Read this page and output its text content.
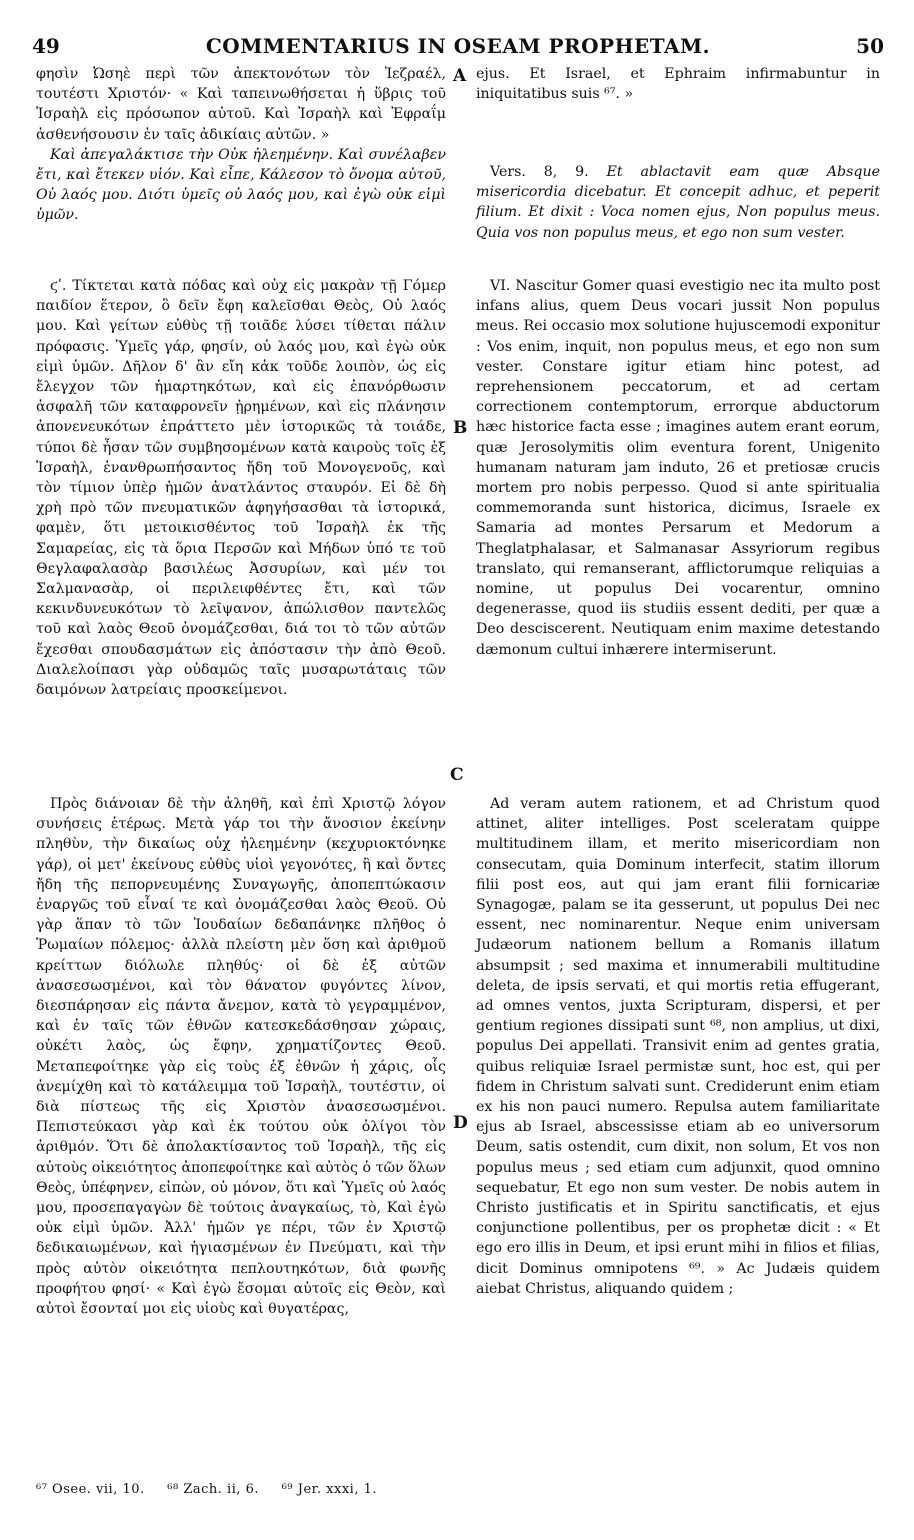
49	COMMENTARIUS IN OSEAM PROPHETAM.	50

φησὶν Ὠσηὲ περὶ τῶν ἀπεκτονότων τὸν Ἰεζραέλ, τουτέστι Χριστόν· « Καὶ ταπεινωθήσεται ἡ ὕβρις τοῦ Ἰσραὴλ εἰς πρόσωπον αὐτοῦ. Καὶ Ἰσραὴλ καὶ Ἐφραΐμ ἀσθενήσουσιν ἐν ταῖς ἀδικίαις αὐτῶν. »

Καὶ ἀπεγαλάκτισε τὴν Οὐκ ἠλεημένην. Καὶ συνέλαβεν ἔτι, καὶ ἔτεκεν υἱόν. Καὶ εἶπε, Κάλεσον τὸ ὄνομα αὐτοῦ, Οὐ λαός μου. Διότι ὑμεῖς οὐ λαός μου, καὶ ἐγὼ οὐκ εἰμὶ ὑμῶν.

ϛʹ. Τίκτεται κατὰ πόδας καὶ οὐχ εἰς μακρὰν τῇ Γόμερ παιδίον ἕτερον, ὃ δεῖν ἔφη καλεῖσθαι Θεὸς, Οὐ λαός μου. Καὶ γείτων εὐθὺς τῇ τοιᾶδε λύσει τίθεται πάλιν πρόφασις. Ὑμεῖς γάρ, φησίν, οὐ λαός μου, καὶ ἐγὼ οὐκ εἰμὶ ὑμῶν. Δῆλον δ' ἂν εἴη κἀκ τοῦδε λοιπὸν, ὡς εἰς ἔλεγχον τῶν ἡμαρτηκότων, καὶ εἰς ἐπανόρθωσιν ἀσφαλῆ τῶν καταφρονεῖν ᾐρημένων, καὶ εἰς πλάνησιν ἀπονενευκότων ἐπράττετο μὲν ἱστορικῶς τὰ τοιάδε, τύποι δὲ ἦσαν τῶν συμβησομένων κατὰ καιροὺς τοῖς ἐξ Ἰσραὴλ, ἐνανθρωπήσαντος ἤδη τοῦ Μονογενοῦς, καὶ τὸν τίμιον ὑπὲρ ἡμῶν ἀνατλάντος σταυρόν. Εἰ δὲ δὴ χρὴ πρὸ τῶν πνευματικῶν ἀφηγήσασθαι τὰ ἱστορικά, φαμὲν, ὅτι μετοικισθέντος τοῦ Ἰσραὴλ ἐκ τῆς Σαμαρείας, εἰς τὰ ὅρια Περσῶν καὶ Μήδων ὑπό τε τοῦ Θεγλαφαλασὰρ βασιλέως Ἀσσυρίων, καὶ μέν τοι Σαλμανασὰρ, οἱ περιλειφθέντες ἔτι, καὶ τῶν κεκινδυνευκότων τὸ λεῖψανον, ἀπώλισθον παντελῶς τοῦ καὶ λαὸς Θεοῦ ὀνομάζεσθαι, διά τοι τὸ τῶν αὐτῶν ἔχεσθαι σπουδασμάτων εἰς ἀπόστασιν τὴν ἀπὸ Θεοῦ. Διαλελοίπασι γὰρ οὐδαμῶς ταῖς μυσαρωτάταις τῶν δαιμόνων λατρείαις προσκείμενοι.

Πρὸς διάνοιαν δὲ τὴν ἀληθῆ, καὶ ἐπὶ Χριστῷ λόγον συνήσεις ἑτέρως. Μετὰ γάρ τοι τὴν ἄνοσιον ἐκείνην πληθὺν, τὴν δικαίως οὐχ ἠλεημένην (κεχυριοκτόνηκε γάρ), οἱ μετ' ἐκείνους εὐθὺς υἱοὶ γεγονότες, ἢ καὶ ὄντες ἤδη τῆς πεπορνευμένης Συναγωγῆς, ἀποπεπτώκασιν ἐναργῶς τοῦ εἶναί τε καὶ ὀνομάζεσθαι λαὸς Θεοῦ. Οὐ γὰρ ἅπαν τὸ τῶν Ἰουδαίων δεδαπάνηκε πλῆθος ὁ Ῥωμαίων πόλεμος· ἀλλὰ πλείστη μὲν ὅση καὶ ἀριθμοῦ κρείττων διόλωλε πληθύς· οἱ δὲ ἐξ αὐτῶν ἀνασεσωσμένοι, καὶ τὸν θάνατον φυγόντες λίνον, διεσπάρησαν εἰς πάντα ἄνεμον, κατὰ τὸ γεγραμμένον, καὶ ἐν ταῖς τῶν ἐθνῶν κατεσκεδάσθησαν χώραις, οὐκέτι λαὸς, ὡς ἔφην, χρηματίζοντες Θεοῦ. Μεταπεφοίτηκε γὰρ εἰς τοὺς ἐξ ἐθνῶν ἡ χάρις, οἷς ἀνεμίχθη καὶ τὸ κατάλειμμα τοῦ Ἰσραὴλ, τουτέστιν, οἱ διὰ πίστεως τῆς εἰς Χριστὸν ἀνασεσωσμένοι. Πεπιστεύκασι γὰρ καὶ ἐκ τούτου οὐκ ὀλίγοι τὸν ἀριθμόν. Ὅτι δὲ ἀπολακτίσαντος τοῦ Ἰσραὴλ, τῆς εἰς αὐτοὺς οἰκειότητος ἀποπεφοίτηκε καὶ αὐτὸς ὁ τῶν ὅλων Θεὸς, ὑπέφηνεν, εἰπὼν, οὐ μόνον, ὅτι καὶ Ὑμεῖς οὐ λαός μου, προσεπαγαγὼν δὲ τούτοις ἀναγκαίως, τὸ, Καὶ ἐγὼ οὐκ εἰμὶ ὑμῶν. Ἀλλ' ἡμῶν γε πέρι, τῶν ἐν Χριστῷ δεδικαιωμένων, καὶ ἡγιασμένων ἐν Πνεύματι, καὶ τὴν πρὸς αὐτὸν οἰκειότητα πεπλουτηκότων, διὰ φωνῆς προφήτου φησί· « Καὶ ἐγὼ ἔσομαι αὐτοῖς εἰς Θεὸν, καὶ αὐτοὶ ἔσονταί μοι εἰς υἱοὺς καὶ θυγατέρας,

A
B
C
D

ejus. Et Israel, et Ephraim infirmabuntur in iniquitatibus suis ⁶⁷. »

Vers. 8, 9. Et ablactavit eam quæ Absque misericordia dicebatur. Et concepit adhuc, et peperit filium. Et dixit : Voca nomen ejus, Non populus meus. Quia vos non populus meus, et ego non sum vester.

VI. Nascitur Gomer quasi evestigio nec ita multo post infans alius, quem Deus vocari jussit Non populus meus. Rei occasio mox solutione hujuscemodi exponitur : Vos enim, inquit, non populus meus, et ego non sum vester. Constare igitur etiam hinc potest, ad reprehensionem peccatorum, et ad certam correctionem contemptorum, errorque abductorum hæc historice facta esse ; imagines autem erant eorum, quæ Jerosolymitis olim eventura forent, Unigenito humanam naturam jam induto, 26 et pretiosæ crucis mortem pro nobis perpesso. Quod si ante spiritualia commemoranda sunt historica, dicimus, Israele ex Samaria ad montes Persarum et Medorum a Theglatphalasar, et Salmanasar Assyriorum regibus translato, qui remanserant, afflictorumque reliquias a nomine, ut populus Dei vocarentur, omnino degenerasse, quod iis studiis essent dediti, per quæ a Deo desciscerent. Neutiquam enim maxime detestando dæmonum cultui inhærere intermiserunt.

Ad veram autem rationem, et ad Christum quod attinet, aliter intelliges. Post sceleratam quippe multitudinem illam, et merito misericordiam non consecutam, quia Dominum interfecit, statim illorum filii post eos, aut qui jam erant filii fornicariæ Synagogæ, palam se ita gesserunt, ut populus Dei nec essent, nec nominarentur. Neque enim universam Judæorum nationem bellum a Romanis illatum absumpsit ; sed maxima et innumerabili multitudine deleta, de ipsis servati, et qui mortis retia effugerant, ad omnes ventos, juxta Scripturam, dispersi, et per gentium regiones dissipati sunt ⁶⁸, non amplius, ut dixi, populus Dei appellati. Transivit enim ad gentes gratia, quibus reliquiæ Israel permistæ sunt, hoc est, qui per fidem in Christum salvati sunt. Crediderunt enim etiam ex his non pauci numero. Repulsa autem familiaritate ejus ab Israel, abscessisse etiam ab eo universorum Deum, satis ostendit, cum dixit, non solum, Et vos non populus meus ; sed etiam cum adjunxit, quod omnino sequebatur, Et ego non sum vester. De nobis autem in Christo justificatis et in Spiritu sanctificatis, et ejus conjunctione pollentibus, per os prophetæ dicit : « Et ego ero illis in Deum, et ipsi erunt mihi in filios et filias, dicit Dominus omnipotens ⁶⁹. » Ac Judæis quidem aiebat Christus, aliquando quidem ;

⁶⁷ Osee. vii, 10. ⁶⁸ Zach. ii, 6. ⁶⁹ Jer. xxxi, 1.
